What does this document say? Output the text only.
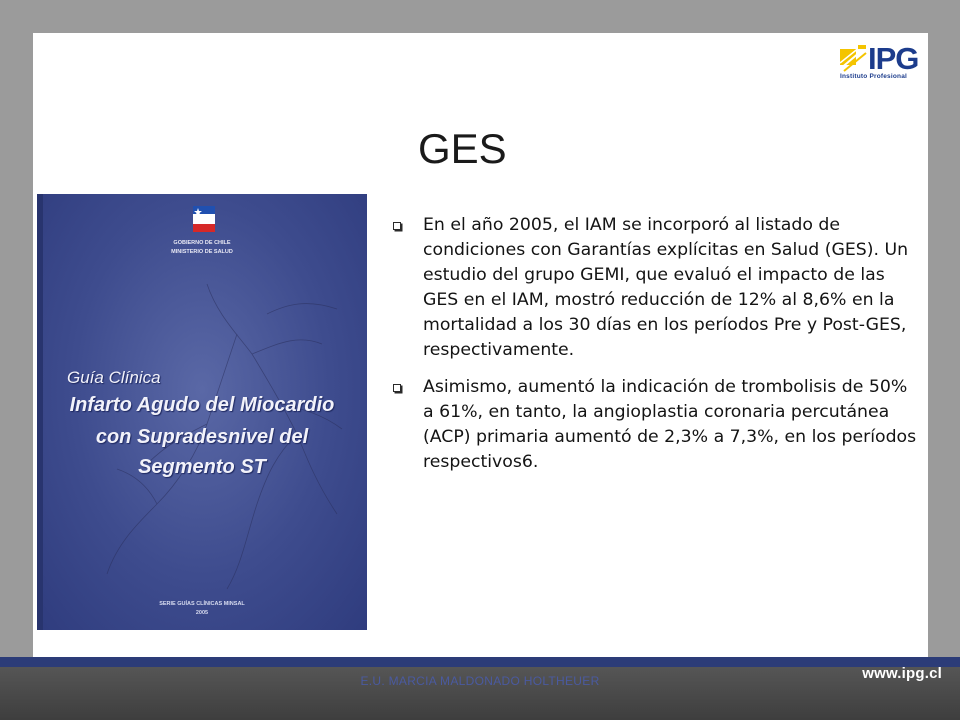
IPG
Instituto Profesional
GES
GOBIERNO DE CHILE
MINISTERIO DE SALUD
Guía Clínica
Infarto Agudo del Miocardio
con Supradesnivel del
Segmento ST
SERIE GUÍAS CLÍNICAS MINSAL
2005
En el año 2005, el IAM se incorporó al listado de condiciones con Garantías explícitas en Salud (GES). Un estudio del grupo GEMI, que evaluó el impacto de las GES en el IAM, mostró reducción de 12% al 8,6% en la mortalidad a los 30 días en los períodos Pre y Post-GES, respectivamente.
Asimismo, aumentó la indicación de trombolisis de 50% a 61%, en tanto, la angioplastia coronaria percutánea (ACP) primaria aumentó de 2,3% a 7,3%, en los períodos respectivos6.
www.ipg.cl
E.U. MARCIA MALDONADO HOLTHEUER
